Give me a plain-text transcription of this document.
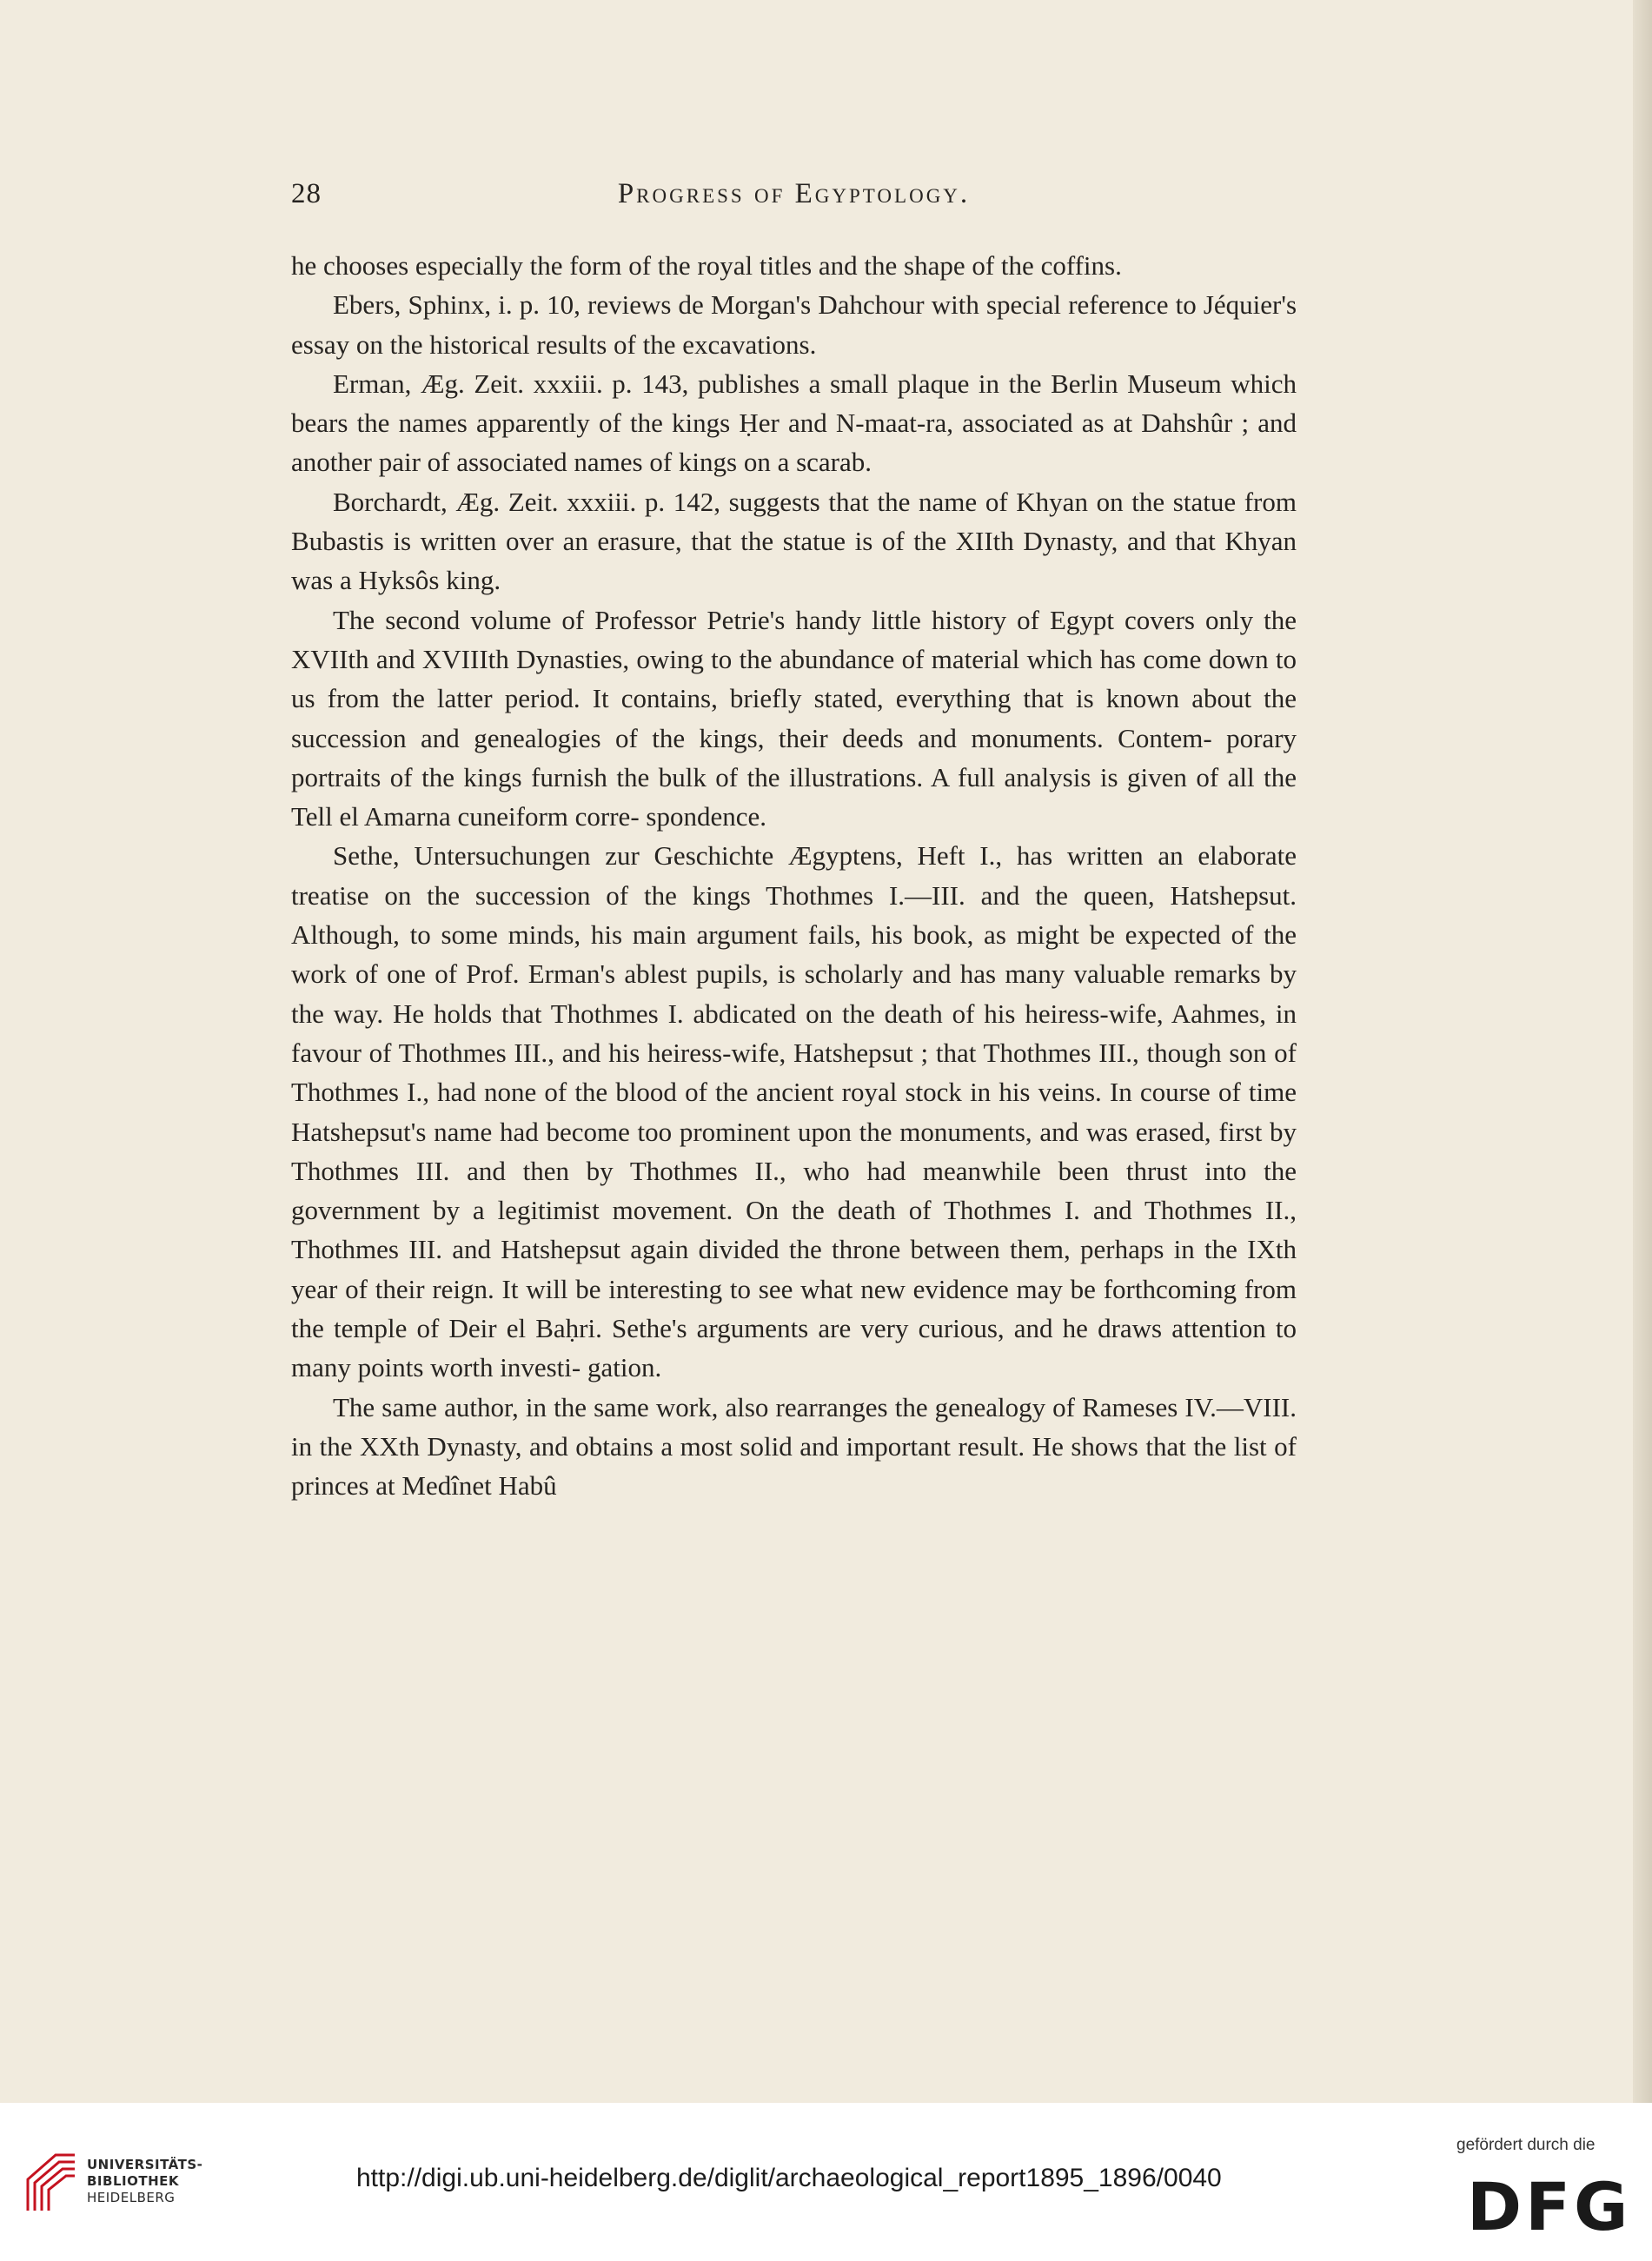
28	Progress of Egyptology.

he chooses especially the form of the royal titles and the shape of the coffins.

Ebers, Sphinx, i. p. 10, reviews de Morgan's Dahchour with special reference to Jéquier's essay on the historical results of the excavations.

Erman, Æg. Zeit. xxxiii. p. 143, publishes a small plaque in the Berlin Museum which bears the names apparently of the kings Ḥer and N-maat-ra, associated as at Dahshûr ; and another pair of associated names of kings on a scarab.

Borchardt, Æg. Zeit. xxxiii. p. 142, suggests that the name of Khyan on the statue from Bubastis is written over an erasure, that the statue is of the XIIth Dynasty, and that Khyan was a Hyksôs king.

The second volume of Professor Petrie's handy little history of Egypt covers only the XVIIth and XVIIIth Dynasties, owing to the abundance of material which has come down to us from the latter period. It contains, briefly stated, everything that is known about the succession and genealogies of the kings, their deeds and monuments. Contem- porary portraits of the kings furnish the bulk of the illustrations. A full analysis is given of all the Tell el Amarna cuneiform corre- spondence.

Sethe, Untersuchungen zur Geschichte Ægyptens, Heft I., has written an elaborate treatise on the succession of the kings Thothmes I.—III. and the queen, Hatshepsut. Although, to some minds, his main argument fails, his book, as might be expected of the work of one of Prof. Erman's ablest pupils, is scholarly and has many valuable remarks by the way. He holds that Thothmes I. abdicated on the death of his heiress-wife, Aahmes, in favour of Thothmes III., and his heiress-wife, Hatshepsut ; that Thothmes III., though son of Thothmes I., had none of the blood of the ancient royal stock in his veins. In course of time Hatshepsut's name had become too prominent upon the monuments, and was erased, first by Thothmes III. and then by Thothmes II., who had meanwhile been thrust into the government by a legitimist movement. On the death of Thothmes I. and Thothmes II., Thothmes III. and Hatshepsut again divided the throne between them, perhaps in the IXth year of their reign. It will be interesting to see what new evidence may be forthcoming from the temple of Deir el Baḥri. Sethe's arguments are very curious, and he draws attention to many points worth investi- gation.

The same author, in the same work, also rearranges the genealogy of Rameses IV.—VIII. in the XXth Dynasty, and obtains a most solid and important result. He shows that the list of princes at Medînet Habû

UNIVERSITÄTS-
BIBLIOTHEK
HEIDELBERG
http://digi.ub.uni-heidelberg.de/diglit/archaeological_report1895_1896/0040
gefördert durch die
DFG
